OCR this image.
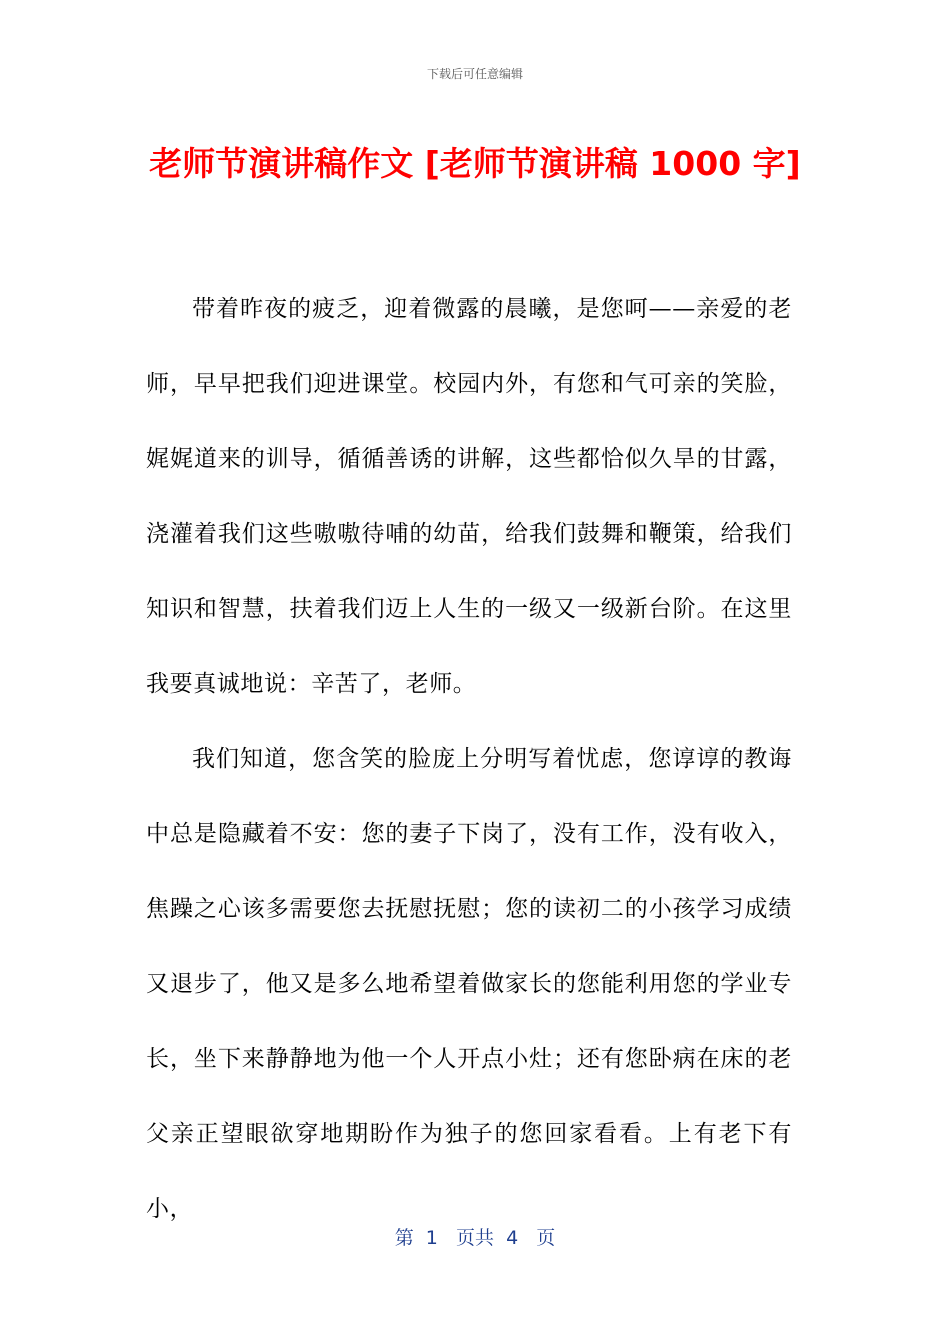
下载后可任意编辑
老师节演讲稿作文 [老师节演讲稿 1000 字]

带着昨夜的疲乏，迎着微露的晨曦，是您呵——亲爱的老师，早早把我们迎进课堂。校园内外，有您和气可亲的笑脸，娓娓道来的训导，循循善诱的讲解，这些都恰似久旱的甘露，浇灌着我们这些嗷嗷待哺的幼苗，给我们鼓舞和鞭策，给我们知识和智慧，扶着我们迈上人生的一级又一级新台阶。在这里我要真诚地说：辛苦了，老师。

我们知道，您含笑的脸庞上分明写着忧虑，您谆谆的教诲中总是隐藏着不安：您的妻子下岗了，没有工作，没有收入，焦躁之心该多需要您去抚慰抚慰；您的读初二的小孩学习成绩又退步了，他又是多么地希望着做家长的您能利用您的学业专长，坐下来静静地为他一个人开点小灶；还有您卧病在床的老父亲正望眼欲穿地期盼作为独子的您回家看看。上有老下有小，

第  1   页共  4   页
